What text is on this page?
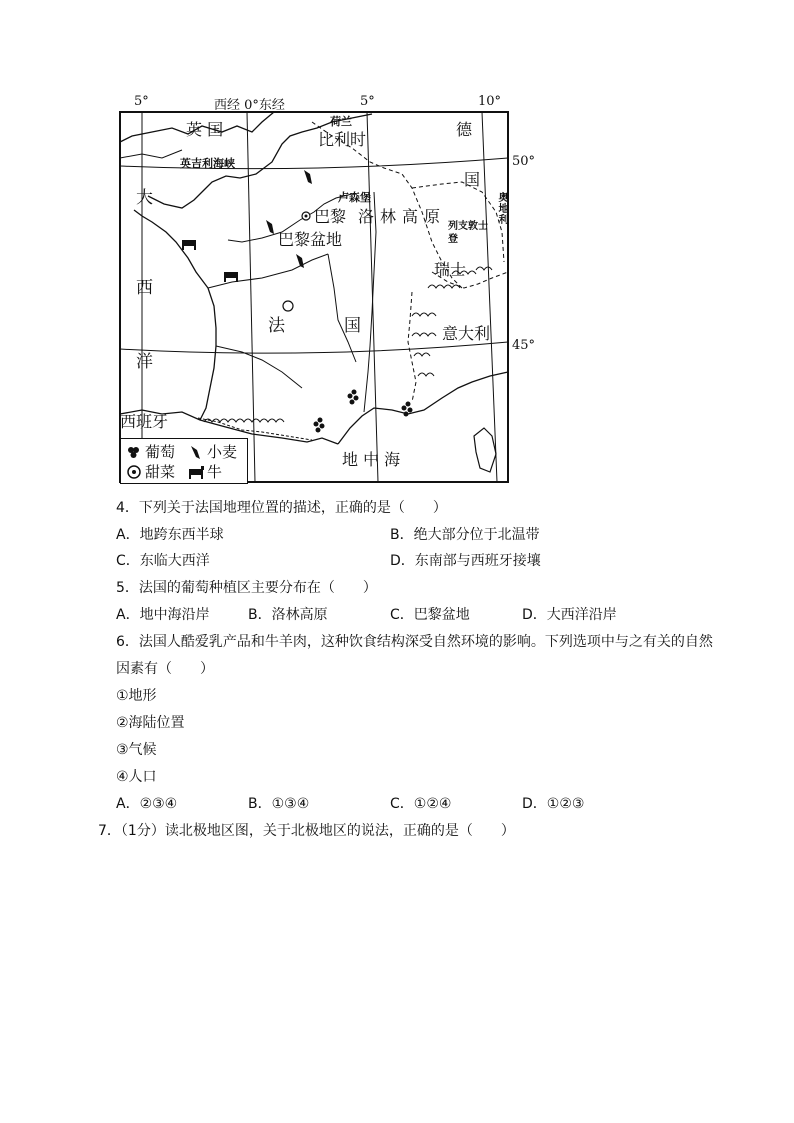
5°	西经 0°东经	5°	10°
50°
45°
英 国
英吉利海峡
荷兰
比利时
德
国
卢森堡
巴黎 洛林高原
巴黎盆地
列支敦士登
奥地利
瑞士
大
西
洋
法	国	意大利
西班牙
地 中 海
葡萄 小麦
甜菜 牛
4．下列关于法国地理位置的描述，正确的是（　　）
A．地跨东西半球	B．绝大部分位于北温带
C．东临大西洋	D．东南部与西班牙接壤
5．法国的葡萄种植区主要分布在（　　）
A．地中海沿岸	B．洛林高原	C．巴黎盆地	D．大西洋沿岸
6．法国人酷爱乳产品和牛羊肉，这种饮食结构深受自然环境的影响。下列选项中与之有关的自然
因素有（　　）
①地形
②海陆位置
③气候
④人口
A．②③④	B．①③④	C．①②④	D．①②③
7．（1分）读北极地区图，关于北极地区的说法，正确的是（　　）
